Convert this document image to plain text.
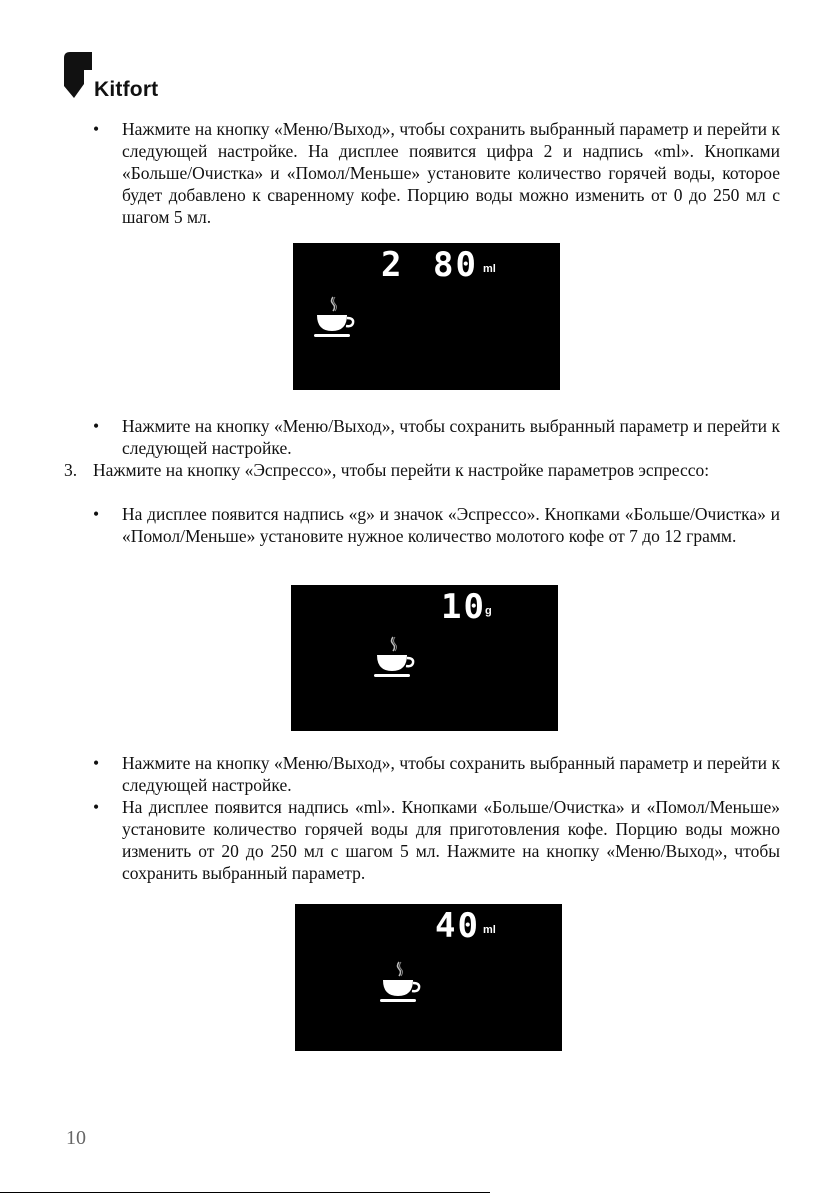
Kitfort
• Нажмите на кнопку «Меню/Выход», чтобы сохранить выбранный параметр и перейти к следующей настройке. На дисплее появится цифра 2 и надпись «ml». Кнопками «Больше/Очистка» и «Помол/Меньше» установите количество горячей воды, которое будет добавлено к сваренному кофе. Порцию воды можно изменить от 0 до 250 мл с шагом 5 мл.
2 80 ml
• Нажмите на кнопку «Меню/Выход», чтобы сохранить выбранный параметр и перейти к следующей настройке.
3. Нажмите на кнопку «Эспрессо», чтобы перейти к настройке параметров эспрессо:
• На дисплее появится надпись «g» и значок «Эспрессо». Кнопками «Больше/Очистка» и «Помол/Меньше» установите нужное количество молотого кофе от 7 до 12 грамм.
10 g
• Нажмите на кнопку «Меню/Выход», чтобы сохранить выбранный параметр и перейти к следующей настройке.
• На дисплее появится надпись «ml». Кнопками «Больше/Очистка» и «Помол/Меньше» установите количество горячей воды для приготовления кофе. Порцию воды можно изменить от 20 до 250 мл с шагом 5 мл. Нажмите на кнопку «Меню/Выход», чтобы сохранить выбранный параметр.
40 ml
10
